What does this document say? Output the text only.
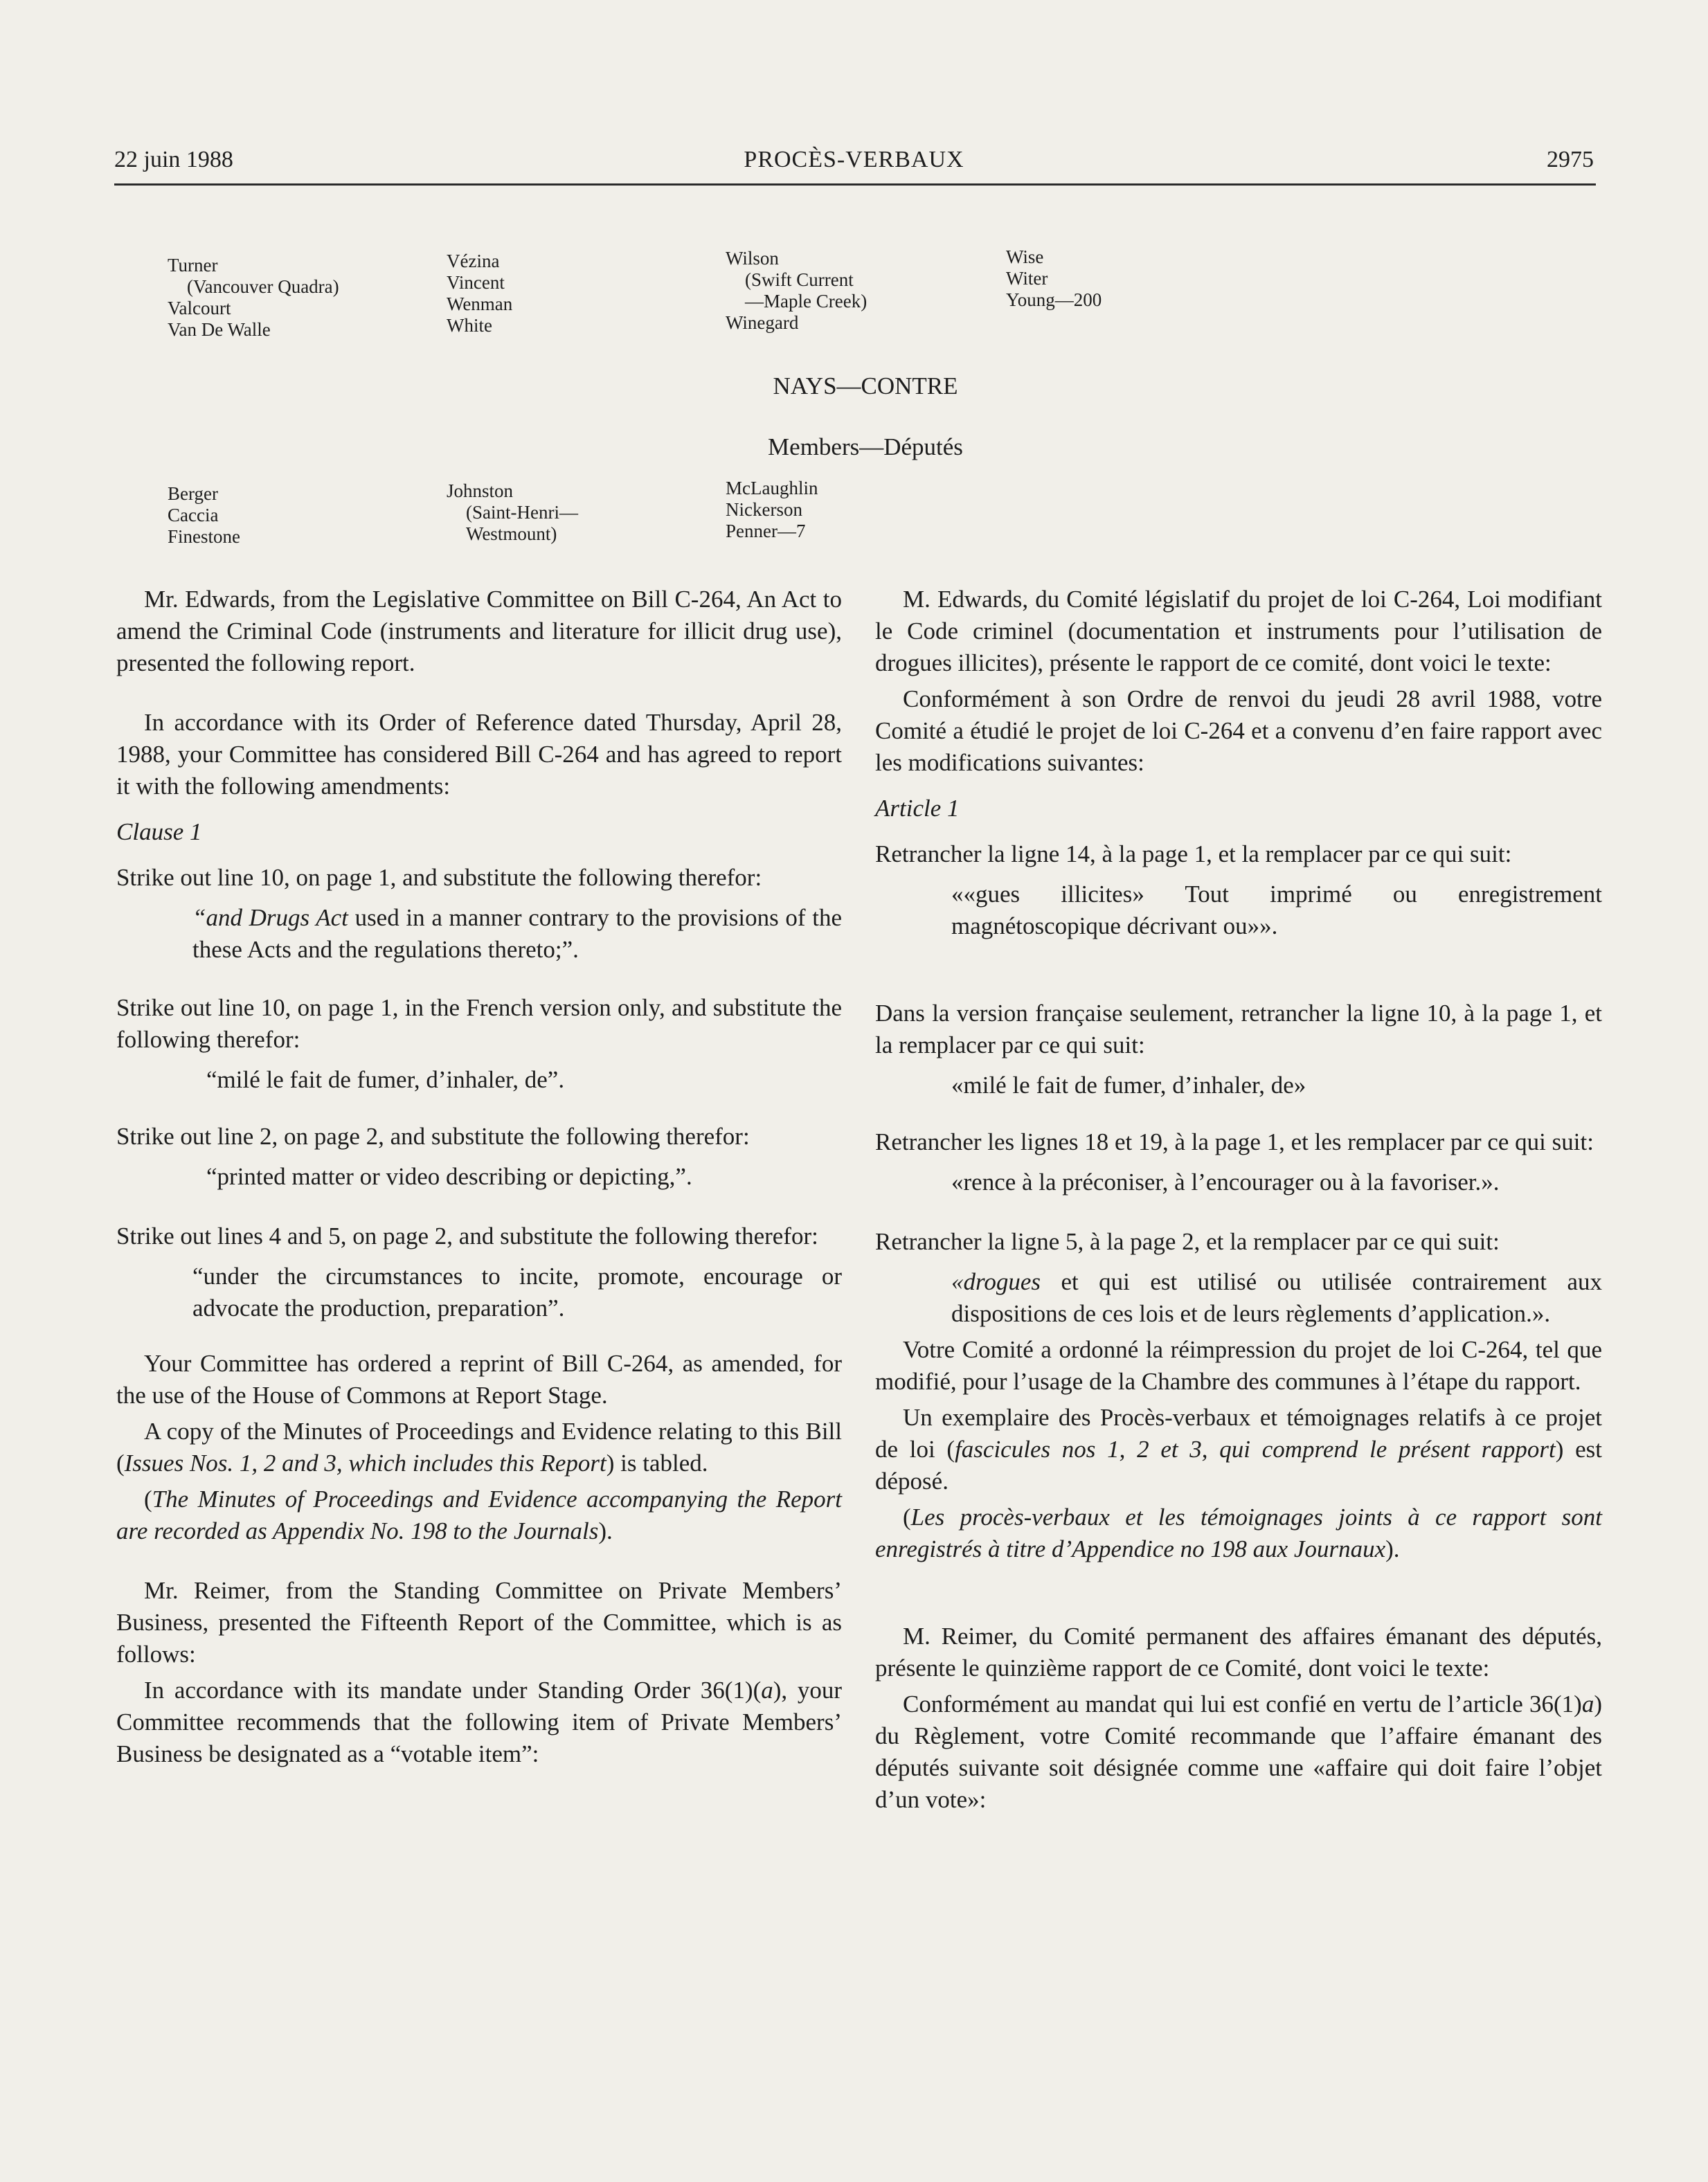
PROCÈS-VERBAUX
22 juin 1988	2975
Turner
(Vancouver Quadra)
Valcourt
Van De Walle
Vézina
Vincent
Wenman
White
Wilson
(Swift Current
—Maple Creek)
Winegard
Wise
Witer
Young—200
NAYS—CONTRE
Members—Députés
Berger
Caccia
Finestone
Johnston
(Saint-Henri—
Westmount)
McLaughlin
Nickerson
Penner—7

Mr. Edwards, from the Legislative Committee on Bill C-264, An Act to amend the Criminal Code (instruments and literature for illicit drug use), presented the following report.

In accordance with its Order of Reference dated Thursday, April 28, 1988, your Committee has considered Bill C-264 and has agreed to report it with the following amendments:

Clause 1

Strike out line 10, on page 1, and substitute the following therefor:

“and Drugs Act used in a manner contrary to the provisions of the these Acts and the regulations thereto;”.

Strike out line 10, on page 1, in the French version only, and substitute the following therefor:

“milé le fait de fumer, d’inhaler, de”.

Strike out line 2, on page 2, and substitute the following therefor:

“printed matter or video describing or depicting,”.

Strike out lines 4 and 5, on page 2, and substitute the following therefor:

“under the circumstances to incite, promote, encourage or advocate the production, preparation”.

Your Committee has ordered a reprint of Bill C-264, as amended, for the use of the House of Commons at Report Stage.

A copy of the Minutes of Proceedings and Evidence relating to this Bill (Issues Nos. 1, 2 and 3, which includes this Report) is tabled.

(The Minutes of Proceedings and Evidence accompanying the Report are recorded as Appendix No. 198 to the Journals).

Mr. Reimer, from the Standing Committee on Private Members’ Business, presented the Fifteenth Report of the Committee, which is as follows:

In accordance with its mandate under Standing Order 36(1)(a), your Committee recommends that the following item of Private Members’ Business be designated as a “votable item”:

M. Edwards, du Comité législatif du projet de loi C-264, Loi modifiant le Code criminel (documentation et instruments pour l’utilisation de drogues illicites), présente le rapport de ce comité, dont voici le texte:

Conformément à son Ordre de renvoi du jeudi 28 avril 1988, votre Comité a étudié le projet de loi C-264 et a convenu d’en faire rapport avec les modifications suivantes:

Article 1

Retrancher la ligne 14, à la page 1, et la remplacer par ce qui suit:

««gues illicites» Tout imprimé ou enregistrement magnétoscopique décrivant ou»».

Dans la version française seulement, retrancher la ligne 10, à la page 1, et la remplacer par ce qui suit:

«milé le fait de fumer, d’inhaler, de»

Retrancher les lignes 18 et 19, à la page 1, et les remplacer par ce qui suit:

«rence à la préconiser, à l’encourager ou à la favoriser.».

Retrancher la ligne 5, à la page 2, et la remplacer par ce qui suit:

«drogues et qui est utilisé ou utilisée contrairement aux dispositions de ces lois et de leurs règlements d’application.».

Votre Comité a ordonné la réimpression du projet de loi C-264, tel que modifié, pour l’usage de la Chambre des communes à l’étape du rapport.

Un exemplaire des Procès-verbaux et témoignages relatifs à ce projet de loi (fascicules nos 1, 2 et 3, qui comprend le présent rapport) est déposé.

(Les procès-verbaux et les témoignages joints à ce rapport sont enregistrés à titre d’Appendice no 198 aux Journaux).

M. Reimer, du Comité permanent des affaires émanant des députés, présente le quinzième rapport de ce Comité, dont voici le texte:

Conformément au mandat qui lui est confié en vertu de l’article 36(1)a) du Règlement, votre Comité recommande que l’affaire émanant des députés suivante soit désignée comme une «affaire qui doit faire l’objet d’un vote»:
